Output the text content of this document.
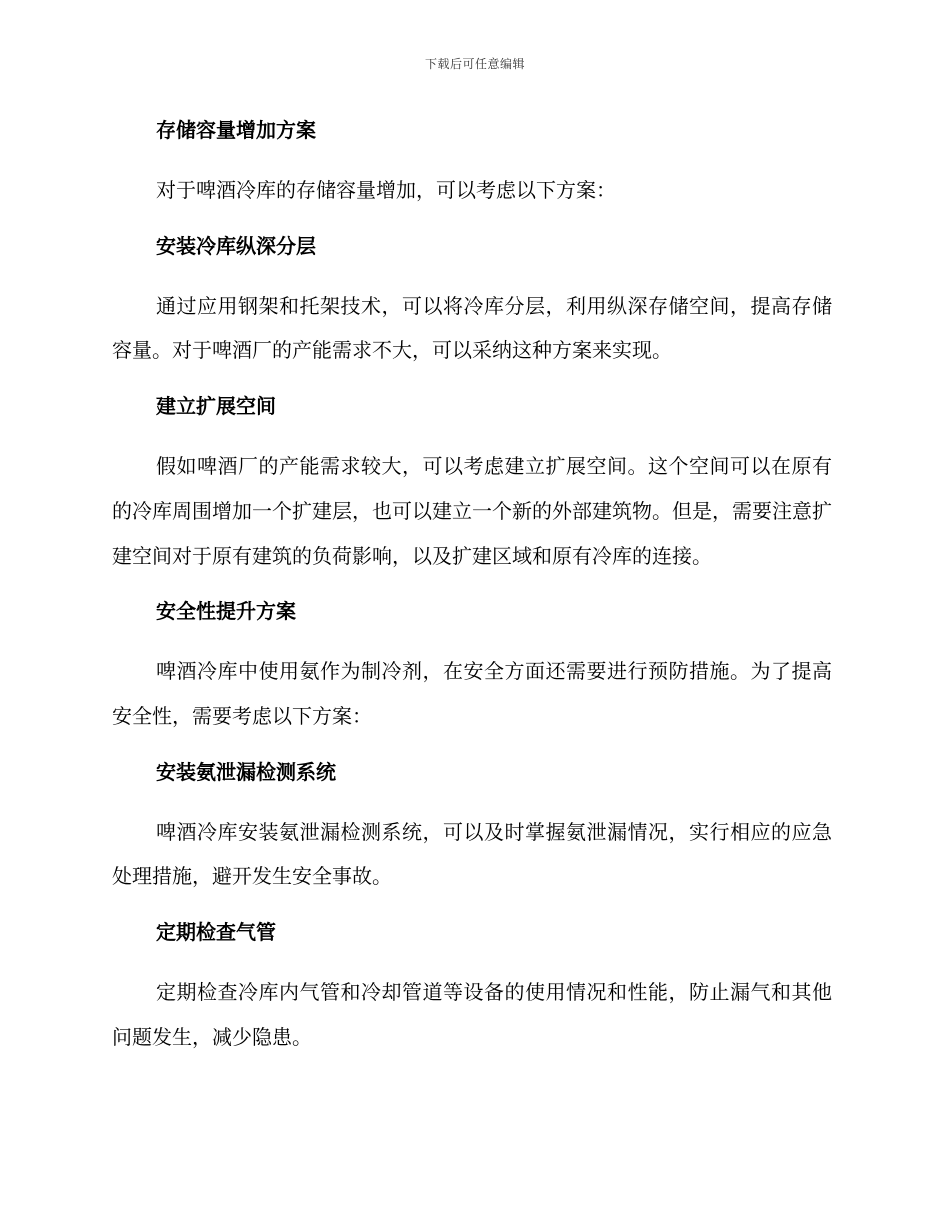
下载后可任意编辑
存储容量增加方案
对于啤酒冷库的存储容量增加，可以考虑以下方案：
安装冷库纵深分层
通过应用钢架和托架技术，可以将冷库分层，利用纵深存储空间，提高存储容量。对于啤酒厂的产能需求不大，可以采纳这种方案来实现。
建立扩展空间
假如啤酒厂的产能需求较大，可以考虑建立扩展空间。这个空间可以在原有的冷库周围增加一个扩建层，也可以建立一个新的外部建筑物。但是，需要注意扩建空间对于原有建筑的负荷影响，以及扩建区域和原有冷库的连接。
安全性提升方案
啤酒冷库中使用氨作为制冷剂，在安全方面还需要进行预防措施。为了提高安全性，需要考虑以下方案：
安装氨泄漏检测系统
啤酒冷库安装氨泄漏检测系统，可以及时掌握氨泄漏情况，实行相应的应急处理措施，避开发生安全事故。
定期检查气管
定期检查冷库内气管和冷却管道等设备的使用情况和性能，防止漏气和其他问题发生，减少隐患。
